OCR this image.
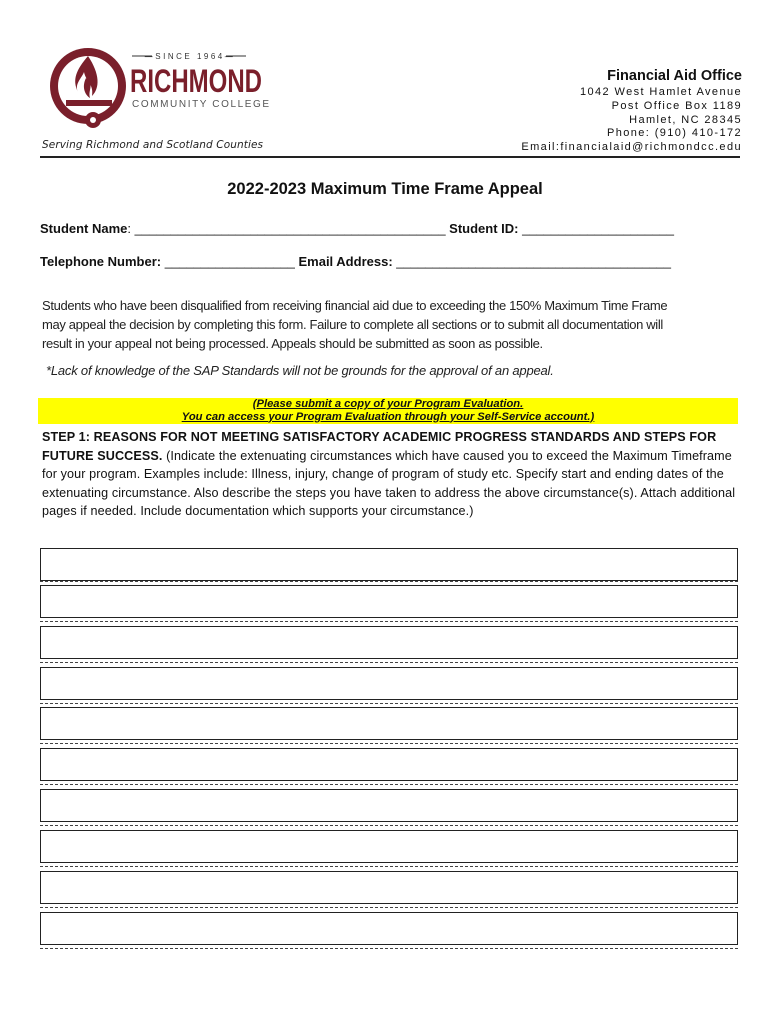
—SINCE 1964—
RICHMOND
COMMUNITY COLLEGE
Serving Richmond and Scotland Counties
Financial Aid Office
1042 West Hamlet Avenue
Post Office Box 1189
Hamlet, NC 28345
Phone: (910) 410-172
Email:financialaid@richmondcc.edu
2022-2023 Maximum Time Frame Appeal
Student Name: ___________________________________________ Student ID: _____________________
Telephone Number: __________________ Email Address: ______________________________________
Students who have been disqualified from receiving financial aid due to exceeding the 150% Maximum Time Frame
may appeal the decision by completing this form. Failure to complete all sections or to submit all documentation will
result in your appeal not being processed. Appeals should be submitted as soon as possible.
*Lack of knowledge of the SAP Standards will not be grounds for the approval of an appeal.
(Please submit a copy of your Program Evaluation.
You can access your Program Evaluation through your Self-Service account.)
STEP 1: REASONS FOR NOT MEETING SATISFACTORY ACADEMIC PROGRESS STANDARDS AND STEPS FOR FUTURE SUCCESS. (Indicate the extenuating circumstances which have caused you to exceed the Maximum Timeframe for your program. Examples include: Illness, injury, change of program of study etc. Specify start and ending dates of the extenuating circumstance. Also describe the steps you have taken to address the above circumstance(s). Attach additional pages if needed. Include documentation which supports your circumstance.)
